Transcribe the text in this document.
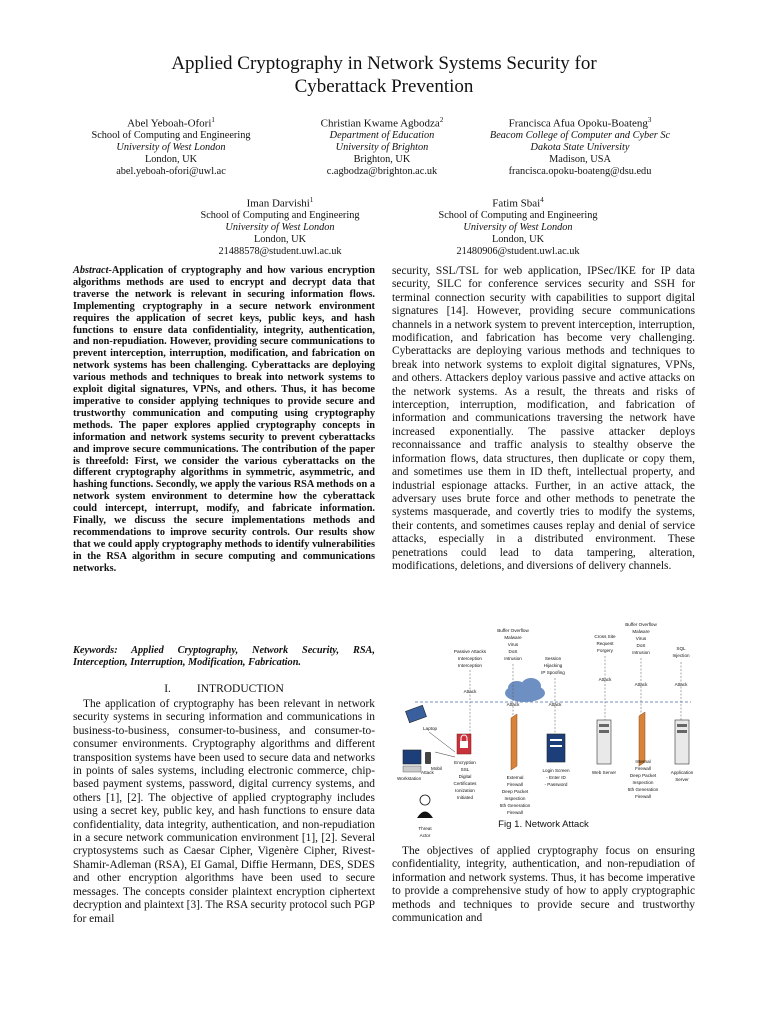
Applied Cryptography in Network Systems Security for
Cyberattack Prevention
Abel Yeboah-Ofori$^1$
School of Computing and Engineering
University of West London
London, UK
abel.yeboah-ofori@uwl.ac
Christian Kwame Agbodza$^2$
Department of Education
University of Brighton
Brighton, UK
c.agbodza@brighton.ac.uk
Francisca Afua Opoku-Boateng$^3$
Beacom College of Computer and Cyber Sc
Dakota State University
Madison, USA
francisca.opoku-boateng@dsu.edu
Iman Darvishi$^1$
School of Computing and Engineering
University of West London
London, UK
21488578@student.uwl.ac.uk
Fatim Sbai$^4$
School of Computing and Engineering
University of West London
London, UK
21480906@student.uwl.ac.uk
Abstract-Application of cryptography and how various encryption algorithms methods are used to encrypt and decrypt data that traverse the network is relevant in securing information flows. Implementing cryptography in a secure network environment requires the application of secret keys, public keys, and hash functions to ensure data confidentiality, integrity, authentication, and non-repudiation. However, providing secure communications to prevent interception, interruption, modification, and fabrication on network systems has been challenging. Cyberattacks are deploying various methods and techniques to break into network systems to exploit digital signatures, VPNs, and others. Thus, it has become imperative to consider applying techniques to provide secure and trustworthy communication and computing using cryptography methods. The paper explores applied cryptography concepts in information and network systems security to prevent cyberattacks and improve secure communications. The contribution of the paper is threefold: First, we consider the various cyberattacks on the different cryptography algorithms in symmetric, asymmetric, and hashing functions. Secondly, we apply the various RSA methods on a network system environment to determine how the cyberattack could intercept, interrupt, modify, and fabricate information. Finally, we discuss the secure implementations methods and recommendations to improve security controls. Our results show that we could apply cryptography methods to identify vulnerabilities in the RSA algorithm in secure computing and communications networks.
Keywords: Applied Cryptography, Network Security, RSA, Interception, Interruption, Modification, Fabrication.
I. INTRODUCTION
The application of cryptography has been relevant in network security systems in securing information and communications in business-to-business, consumer-to-business, and consumer-to-consumer environments. Cryptography algorithms and different transposition systems have been used to secure data and networks in points of sales systems, including electronic commerce, chip-based payment systems, password, digital currency systems, and others [1], [2]. The objective of applied cryptography includes using a secret key, public key, and hash functions to ensure data confidentiality, data integrity, authentication, and non-repudiation in a secure network communication environment [1], [2]. Several cryptosystems such as Caesar Cipher, Vigenère Cipher, Rivest-Shamir-Adleman (RSA), EI Gamal, Diffie Hermann, DES, SDES and other encryption algorithms have been used to secure messages. The concepts consider plaintext encryption ciphertext decryption and plaintext [3]. The RSA security protocol such PGP for email
security, SSL/TSL for web application, IPSec/IKE for IP data security, SILC for conference services security and SSH for terminal connection security with capabilities to support digital signatures [14]. However, providing secure communications channels in a network system to prevent interception, interruption, modification, and fabrication has become very challenging. Cyberattacks are deploying various methods and techniques to break into network systems to exploit digital signatures, VPNs, and others. Attackers deploy various passive and active attacks on the network systems. As a result, the threats and risks of interception, interruption, modification, and fabrication of information and communications traversing the network have increased exponentially. The passive attacker deploys reconnaissance and traffic analysis to stealthy observe the information flows, data structures, then duplicate or copy them, and sometimes use them in ID theft, intellectual property, and industrial espionage attacks. Further, in an active attack, the adversary uses brute force and other methods to penetrate the systems masquerade, and covertly tries to modify the systems, their contents, and sometimes causes replay and denial of service attacks, especially in a distributed environment. These penetrations could lead to data tampering, alteration, modifications, deletions, and diversions of delivery channels.
Passive Attacks
Interception
Interception
Buffer Overflow
Malware
Virus
DoS
Intrusion	Session
Hijacking
IP Spoofing
Cross Site
Request
Forgery
Buffer Overflow
Malware
Virus
DoS
Intrusion
SQL
Injection
Attack
Attack	Attack
Attack
Attack	Attack
Laptop
Workstation
Mobil
Attack
Threat
Actor
Encryption
SSL
Digital
Certificates
Ionization
Initiated
External
Firewall
Deep Packet
Inspection
5th Generation
Firewall
Login Screen
- Enter ID
- Password
Web Server
Internal
Firewall
Deep Packet
Inspection
5th Generation
Firewall
Application
Server
Fig 1. Network Attack
The objectives of applied cryptography focus on ensuring confidentiality, integrity, authentication, and non-repudiation of information and network systems. Thus, it has become imperative to provide a comprehensive study of how to apply cryptographic methods and techniques to provide secure and trustworthy communication and
